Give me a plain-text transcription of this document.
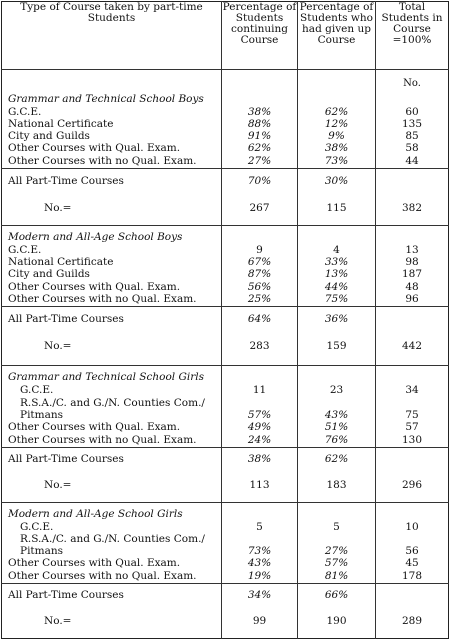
Type of Course taken by part-time Students	Percentage of Students continuing Course	Percentage of Students who had given up Course	Total Students in Course =100%
			No.
Grammar and Technical School Boys			
G.C.E.	38%	62%	60
National Certificate	88%	12%	135
City and Guilds	91%	9%	85
Other Courses with Qual. Exam.	62%	38%	58
Other Courses with no Qual. Exam.	27%	73%	44
All Part-Time Courses	70%	30%	
No.=	267	115	382
Modern and All-Age School Boys			
G.C.E.	9	4	13
National Certificate	67%	33%	98
City and Guilds	87%	13%	187
Other Courses with Qual. Exam.	56%	44%	48
Other Courses with no Qual. Exam.	25%	75%	96
All Part-Time Courses	64%	36%	
No.=	283	159	442
Grammar and Technical School Girls			
G.C.E.	11	23	34
R.S.A./C. and G./N. Counties Com./			
Pitmans	57%	43%	75
Other Courses with Qual. Exam.	49%	51%	57
Other Courses with no Qual. Exam.	24%	76%	130
All Part-Time Courses	38%	62%	
No.=	113	183	296
Modern and All-Age School Girls			
G.C.E.	5	5	10
R.S.A./C. and G./N. Counties Com./			
Pitmans	73%	27%	56
Other Courses with Qual. Exam.	43%	57%	45
Other Courses with no Qual. Exam.	19%	81%	178
All Part-Time Courses	34%	66%	
No.=	99	190	289
